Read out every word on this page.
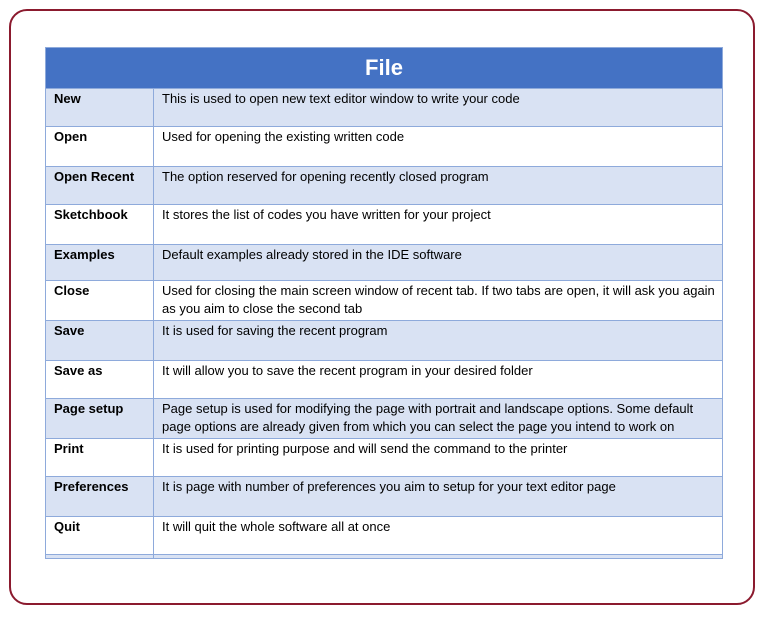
File	

New	This is used to open new text editor window to write your code

Open	Used for opening the existing written code

Open Recent	The option reserved for opening recently closed program

Sketchbook	It stores the list of codes you have written for your project

Examples	Default examples already stored in the IDE software

Close	Used for closing the main screen window of recent tab. If two tabs are open, it will ask you again as you aim to close the second tab

Save	It is used for saving the recent program

Save as	It will allow you to save the recent program in your desired folder

Page setup	Page setup is used for modifying the page with portrait and landscape options. Some default page options are already given from which you can select the page you intend to work on

Print	It is used for printing purpose and will send the command to the printer

Preferences	It is page with number of preferences you aim to setup for your text editor page

Quit	It will quit the whole software all at once
